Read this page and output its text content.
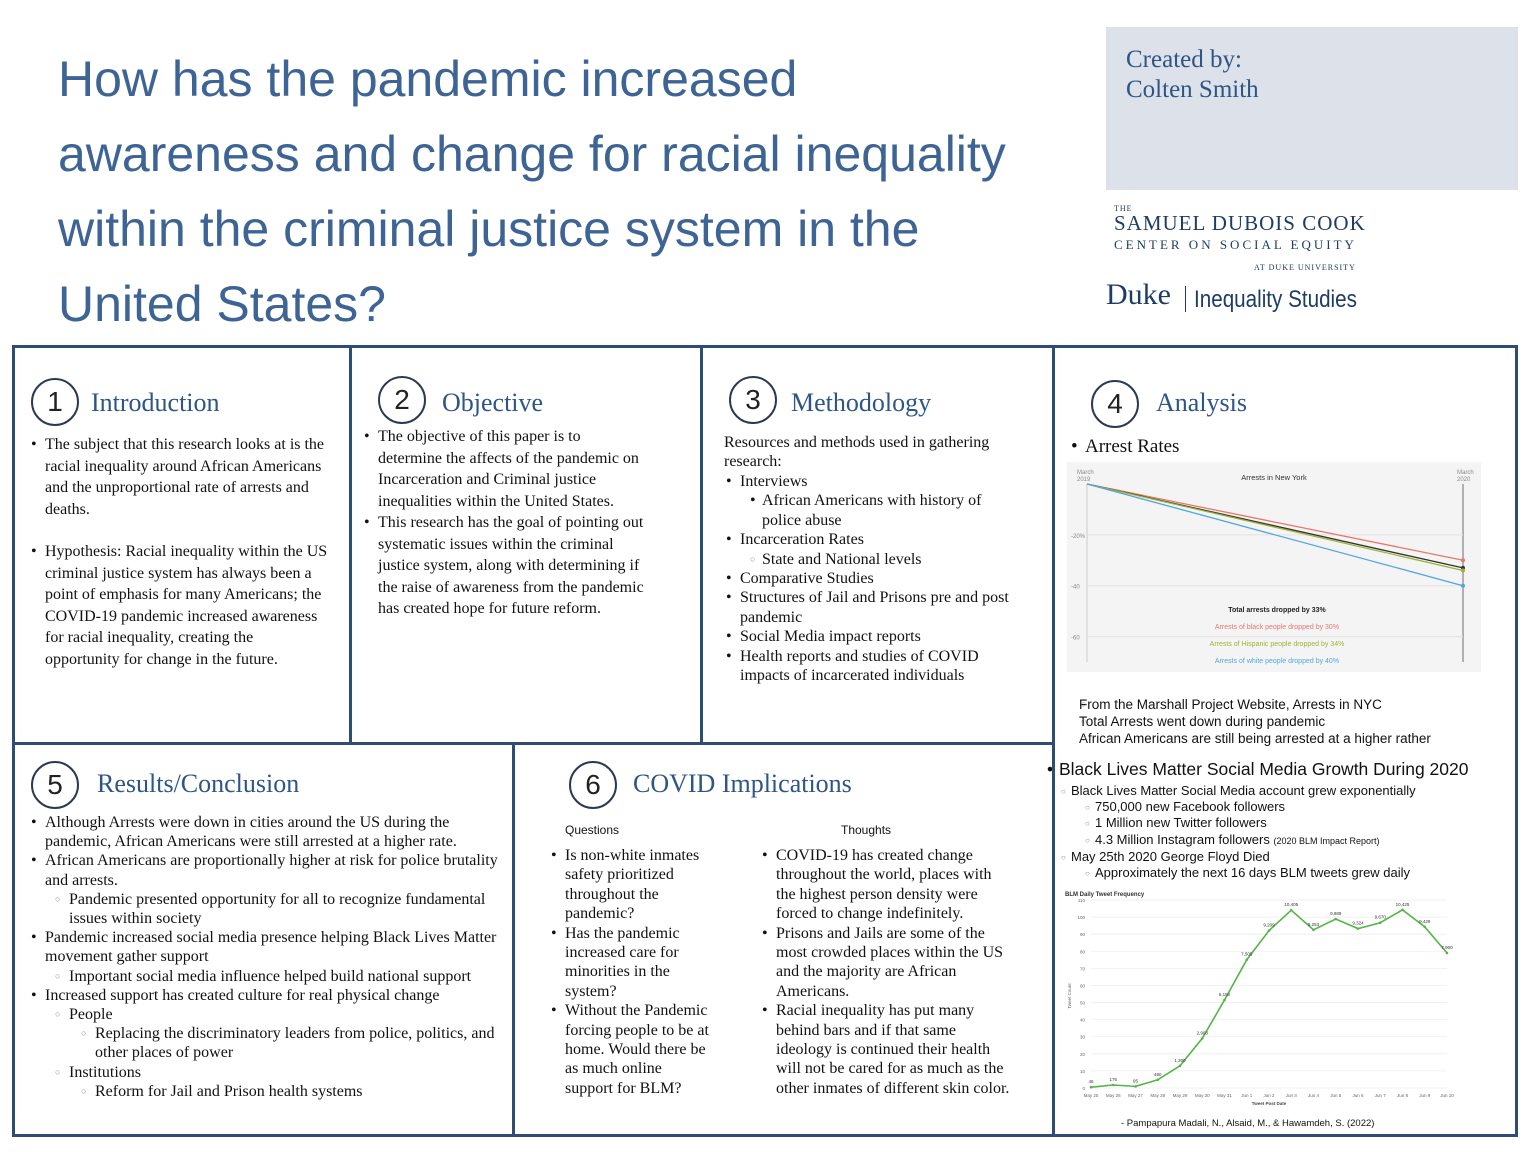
How has the pandemic increased awareness and change for racial inequality within the criminal justice system in the United States?
Created by:
Colten Smith
THE
SAMUEL DUBOIS COOK
CENTER ON SOCIAL EQUITY
AT DUKE UNIVERSITY
Duke Inequality Studies
1	Introduction
• The subject that this research looks at is the racial inequality around African Americans and the unproportional rate of arrests and deaths.
• Hypothesis: Racial inequality within the US criminal justice system has always been a point of emphasis for many Americans; the COVID-19 pandemic increased awareness for racial inequality, creating the opportunity for change in the future.
2	Objective
• The objective of this paper is to determine the affects of the pandemic on Incarceration and Criminal justice inequalities within the United States.
• This research has the goal of pointing out systematic issues within the criminal justice system, along with determining if the raise of awareness from the pandemic has created hope for future reform.
3	Methodology
Resources and methods used in gathering research:
• Interviews
• African Americans with history of police abuse
• Incarceration Rates
○ State and National levels
• Comparative Studies
• Structures of Jail and Prisons pre and post pandemic
• Social Media impact reports
• Health reports and studies of COVID impacts of incarcerated individuals
4	Analysis
• Arrest Rates
-20%
-40
-60
March
2019
March
2020
Arrests in New York
Total arrests dropped by 33%
Arrests of black people dropped by 30%
Arrests of Hispanic people dropped by 34%
Arrests of white people dropped by 40%
○ From the Marshall Project Website, Arrests in NYC
○ Total Arrests went down during pandemic
○ African Americans are still being arrested at a higher rather
• Black Lives Matter Social Media Growth During 2020
○ Black Lives Matter Social Media account grew exponentially
○ 750,000 new Facebook followers
○ 1 Million new Twitter followers
○ 4.3 Million Instagram followers (2020 BLM Impact Report)
○ May 25th 2020 George Floyd Died
○ Approximately the next 16 days BLM tweets grew daily
BLM Daily Tweet Frequency
0
10
20
30
40
50
60
70
80
90
100
110
Tweet Count
May 25 May 26 May 27 May 28 May 29 May 30 May 31 Jun 1 Jun 2 Jun 3 Jun 4 Jun 5 Jun 6 Jun 7 Jun 8 Jun 9 Jun 10
Tweet Post Date
46	176	95
480
1,300
2,903
5,150
7,505
9,209
10,405
9,253
9,888
9,324
9,670
10,425
9,429
7,900
- Pampapura Madali, N., Alsaid, M., & Hawamdeh, S. (2022)
5	Results/Conclusion
• Although Arrests were down in cities around the US during the pandemic, African Americans were still arrested at a higher rate.
• African Americans are proportionally higher at risk for police brutality and arrests.
○ Pandemic presented opportunity for all to recognize fundamental issues within society
• Pandemic increased social media presence helping Black Lives Matter movement gather support
○ Important social media influence helped build national support
• Increased support has created culture for real physical change
○ People
○ Replacing the discriminatory leaders from police, politics, and other places of power
○ Institutions
○ Reform for Jail and Prison health systems
6	COVID Implications
Questions	Thoughts
• Is non-white inmates safety prioritized throughout the pandemic?
• Has the pandemic increased care for minorities in the system?
• Without the Pandemic forcing people to be at home. Would there be as much online support for BLM?
• COVID-19 has created change throughout the world, places with the highest person density were forced to change indefinitely.
• Prisons and Jails are some of the most crowded places within the US and the majority are African Americans.
• Racial inequality has put many behind bars and if that same ideology is continued their health will not be cared for as much as the other inmates of different skin color.
